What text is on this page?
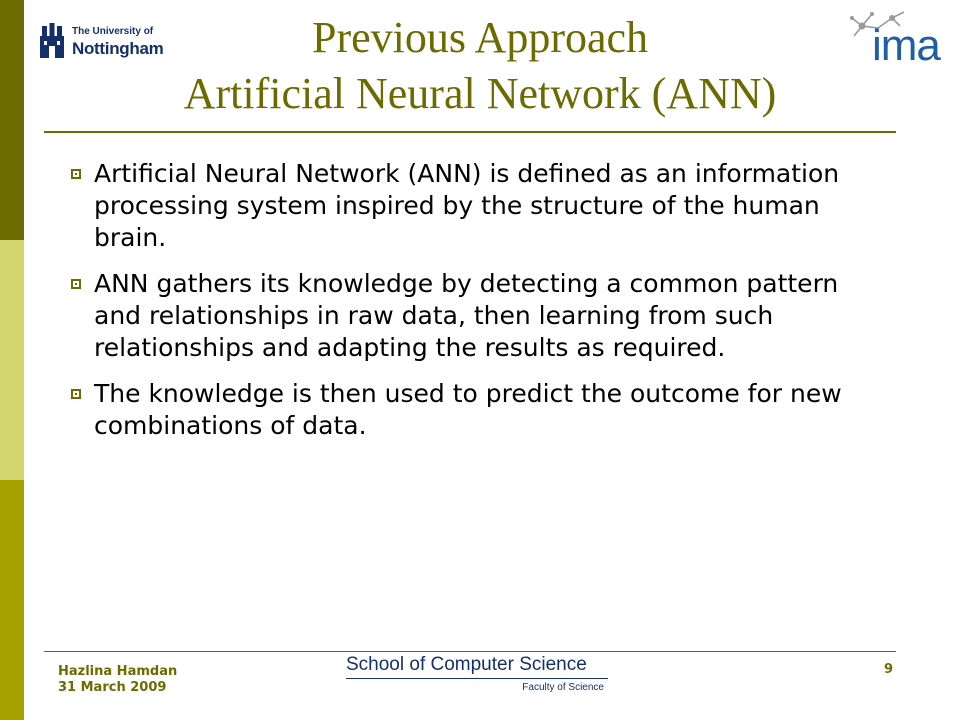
The University of
Nottingham	ima
Previous Approach
Artificial Neural Network (ANN)
Artificial Neural Network (ANN) is defined as an information processing system inspired by the structure of the human brain.
ANN gathers its knowledge by detecting a common pattern and relationships in raw data, then learning from such relationships and adapting the results as required.
The knowledge is then used to predict the outcome for new combinations of data.
Hazlina Hamdan
31 March 2009
School of Computer Science
Faculty of Science
9
